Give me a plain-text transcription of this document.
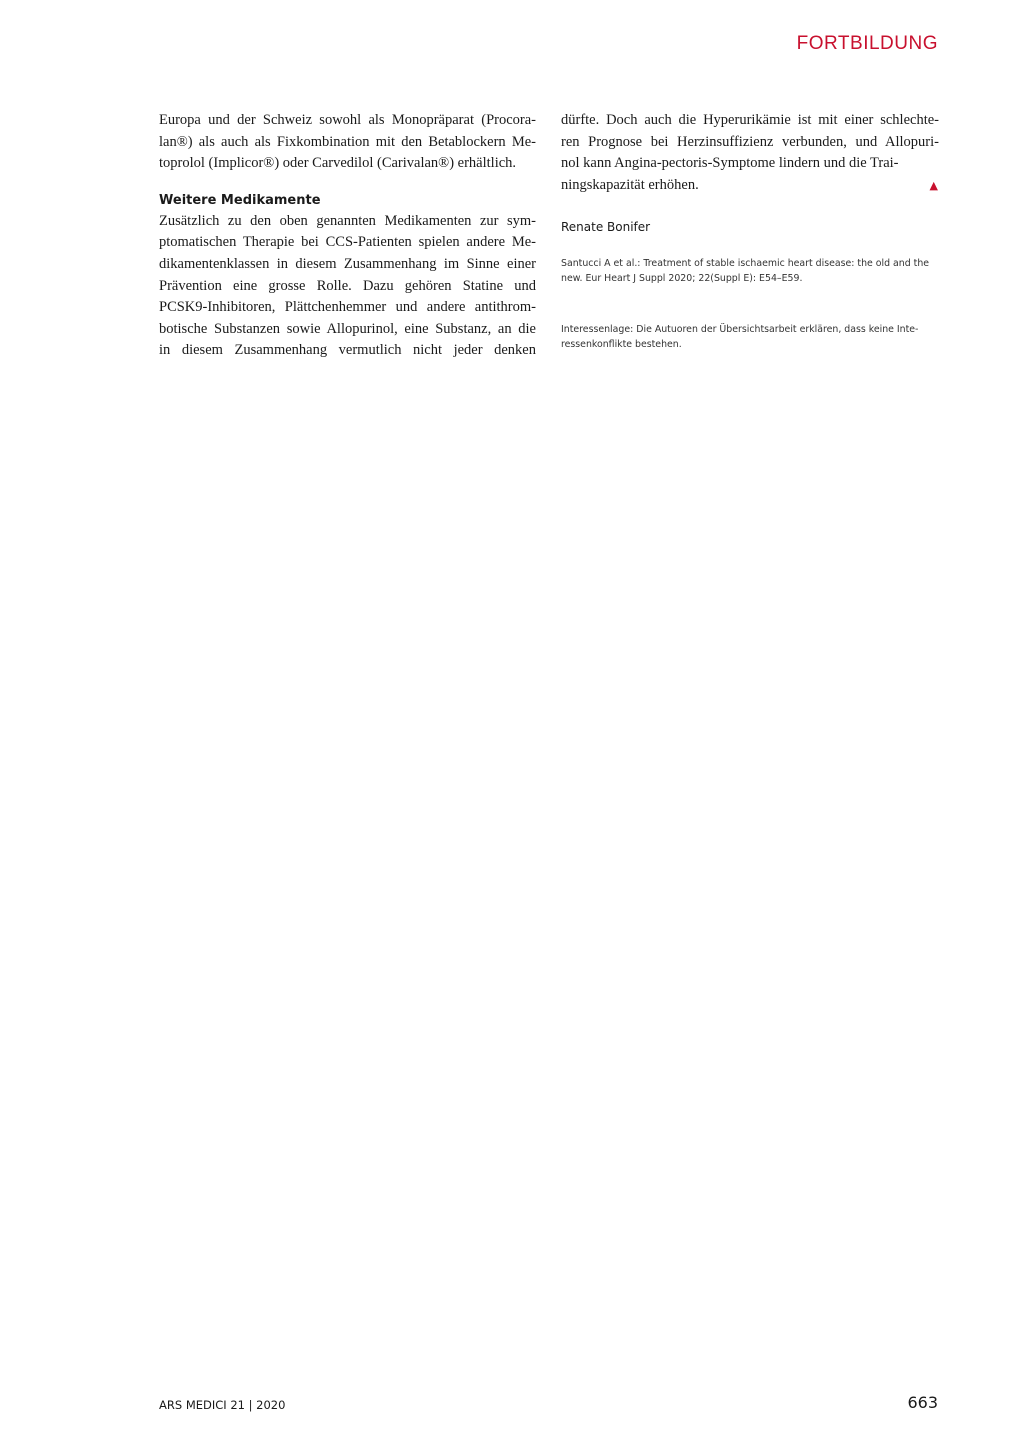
FORTBILDUNG

Europa und der Schweiz sowohl als Monopräparat (Procora-
lan®) als auch als Fixkombination mit den Betablockern Me-
toprolol (Implicor®) oder Carvedilol (Carivalan®) erhältlich.

Weitere Medikamente

Zusätzlich zu den oben genannten Medikamenten zur sym-
ptomatischen Therapie bei CCS-Patienten spielen andere Me-
dikamentenklassen in diesem Zusammenhang im Sinne einer
Prävention eine grosse Rolle. Dazu gehören Statine und
PCSK9-Inhibitoren, Plättchenhemmer und andere antithrom-
botische Substanzen sowie Allopurinol, eine Substanz, an die
in diesem Zusammenhang vermutlich nicht jeder denken

dürfte. Doch auch die Hyperurikämie ist mit einer schlechte-
ren Prognose bei Herzinsuffizienz verbunden, und Allopuri-
nol kann Angina-pectoris-Symptome lindern und die Trai-

ningskapazität erhöhen.	▲
Renate Bonifer
Santucci A et al.: Treatment of stable ischaemic heart disease: the old and the new. Eur Heart J Suppl 2020; 22(Suppl E): E54–E59.
Interessenlage: Die Autuoren der Übersichtsarbeit erklären, dass keine Inte-
ressenkonflikte bestehen.
ARS MEDICI 21 | 2020	663
